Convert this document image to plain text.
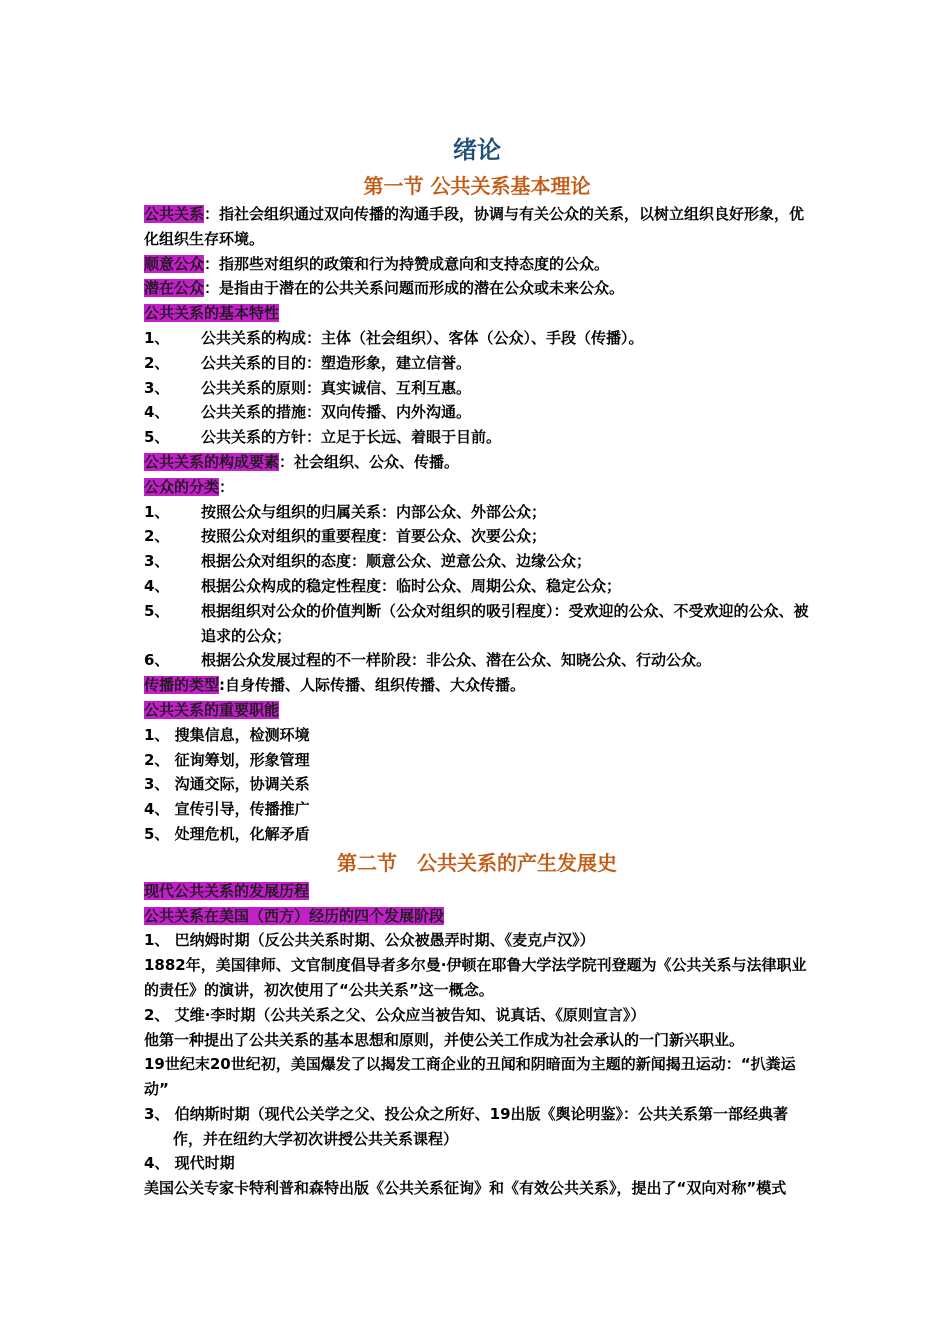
绪论
第一节 公共关系基本理论

公共关系：指社会组织通过双向传播的沟通手段，协调与有关公众的关系，以树立组织良好形象，优化组织生存环境。

顺意公众：指那些对组织的政策和行为持赞成意向和支持态度的公众。

潜在公众：是指由于潜在的公共关系问题而形成的潜在公众或未来公众。

公共关系的基本特性

1、	公共关系的构成：主体（社会组织）、客体（公众）、手段（传播）。
2、	公共关系的目的：塑造形象，建立信誉。
3、	公共关系的原则：真实诚信、互利互惠。
4、	公共关系的措施：双向传播、内外沟通。
5、	公共关系的方针：立足于长远、着眼于目前。

公共关系的构成要素：社会组织、公众、传播。

公众的分类：

1、	按照公众与组织的归属关系：内部公众、外部公众；
2、	按照公众对组织的重要程度：首要公众、次要公众；
3、	根据公众对组织的态度：顺意公众、逆意公众、边缘公众；
4、	根据公众构成的稳定性程度：临时公众、周期公众、稳定公众；
5、	根据组织对公众的价值判断（公众对组织的吸引程度）：受欢迎的公众、不受欢迎的公众、被追求的公众；
6、	根据公众发展过程的不一样阶段：非公众、潜在公众、知晓公众、行动公众。

传播的类型:自身传播、人际传播、组织传播、大众传播。

公共关系的重要职能

1、 搜集信息，检测环境

2、 征询筹划，形象管理

3、 沟通交际，协调关系

4、 宣传引导，传播推广

5、 处理危机，化解矛盾

第二节　公共关系的产生发展史

现代公共关系的发展历程

公共关系在美国（西方）经历的四个发展阶段

1、 巴纳姆时期（反公共关系时期、公众被愚弄时期、《麦克卢汉》）

1882年，美国律师、文官制度倡导者多尔曼·伊顿在耶鲁大学法学院刊登题为《公共关系与法律职业的责任》的演讲，初次使用了“公共关系”这一概念。

2、 艾维·李时期（公共关系之父、公众应当被告知、说真话、《原则宣言》）

他第一种提出了公共关系的基本思想和原则，并使公关工作成为社会承认的一门新兴职业。

19世纪末20世纪初，美国爆发了以揭发工商企业的丑闻和阴暗面为主题的新闻揭丑运动：“扒粪运动”

3、 伯纳斯时期（现代公关学之父、投公众之所好、19出版《舆论明鉴》：公共关系第一部经典著作，并在纽约大学初次讲授公共关系课程）

4、 现代时期

美国公关专家卡特利普和森特出版《公共关系征询》和《有效公共关系》，提出了“双向对称”模式
